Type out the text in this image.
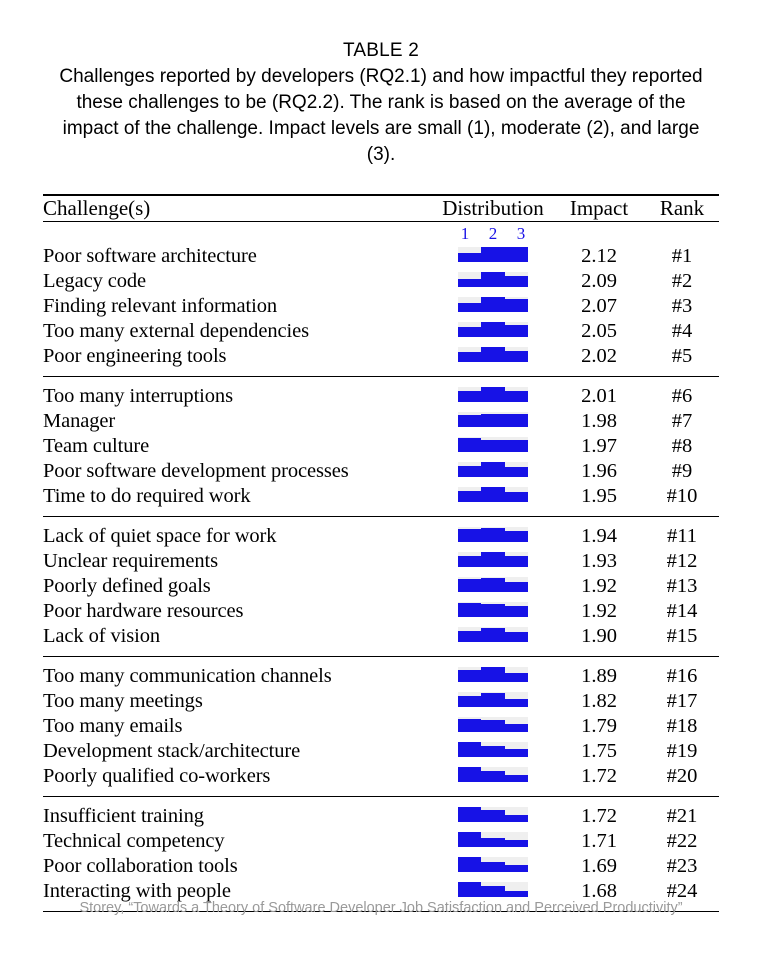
TABLE 2
Challenges reported by developers (RQ2.1) and how impactful they reported these challenges to be (RQ2.2). The rank is based on the average of the impact of the challenge. Impact levels are small (1), moderate (2), and large (3).

Challenge(s)	Distribution	Impact	Rank

	1 2 3		

Poor software architecture		2.12	#1
Legacy code		2.09	#2
Finding relevant information		2.07	#3
Too many external dependencies		2.05	#4
Poor engineering tools		2.02	#5

Too many interruptions		2.01	#6
Manager		1.98	#7
Team culture		1.97	#8
Poor software development processes		1.96	#9
Time to do required work		1.95	#10

Lack of quiet space for work		1.94	#11
Unclear requirements		1.93	#12
Poorly defined goals		1.92	#13
Poor hardware resources		1.92	#14
Lack of vision		1.90	#15

Too many communication channels		1.89	#16
Too many meetings		1.82	#17
Too many emails		1.79	#18
Development stack/architecture		1.75	#19
Poorly qualified co-workers		1.72	#20

Insufficient training		1.72	#21
Technical competency		1.71	#22
Poor collaboration tools		1.69	#23
Interacting with people		1.68	#24

Storey, “Towards a Theory of Software Developer Job Satisfaction and Perceived Productivity”
